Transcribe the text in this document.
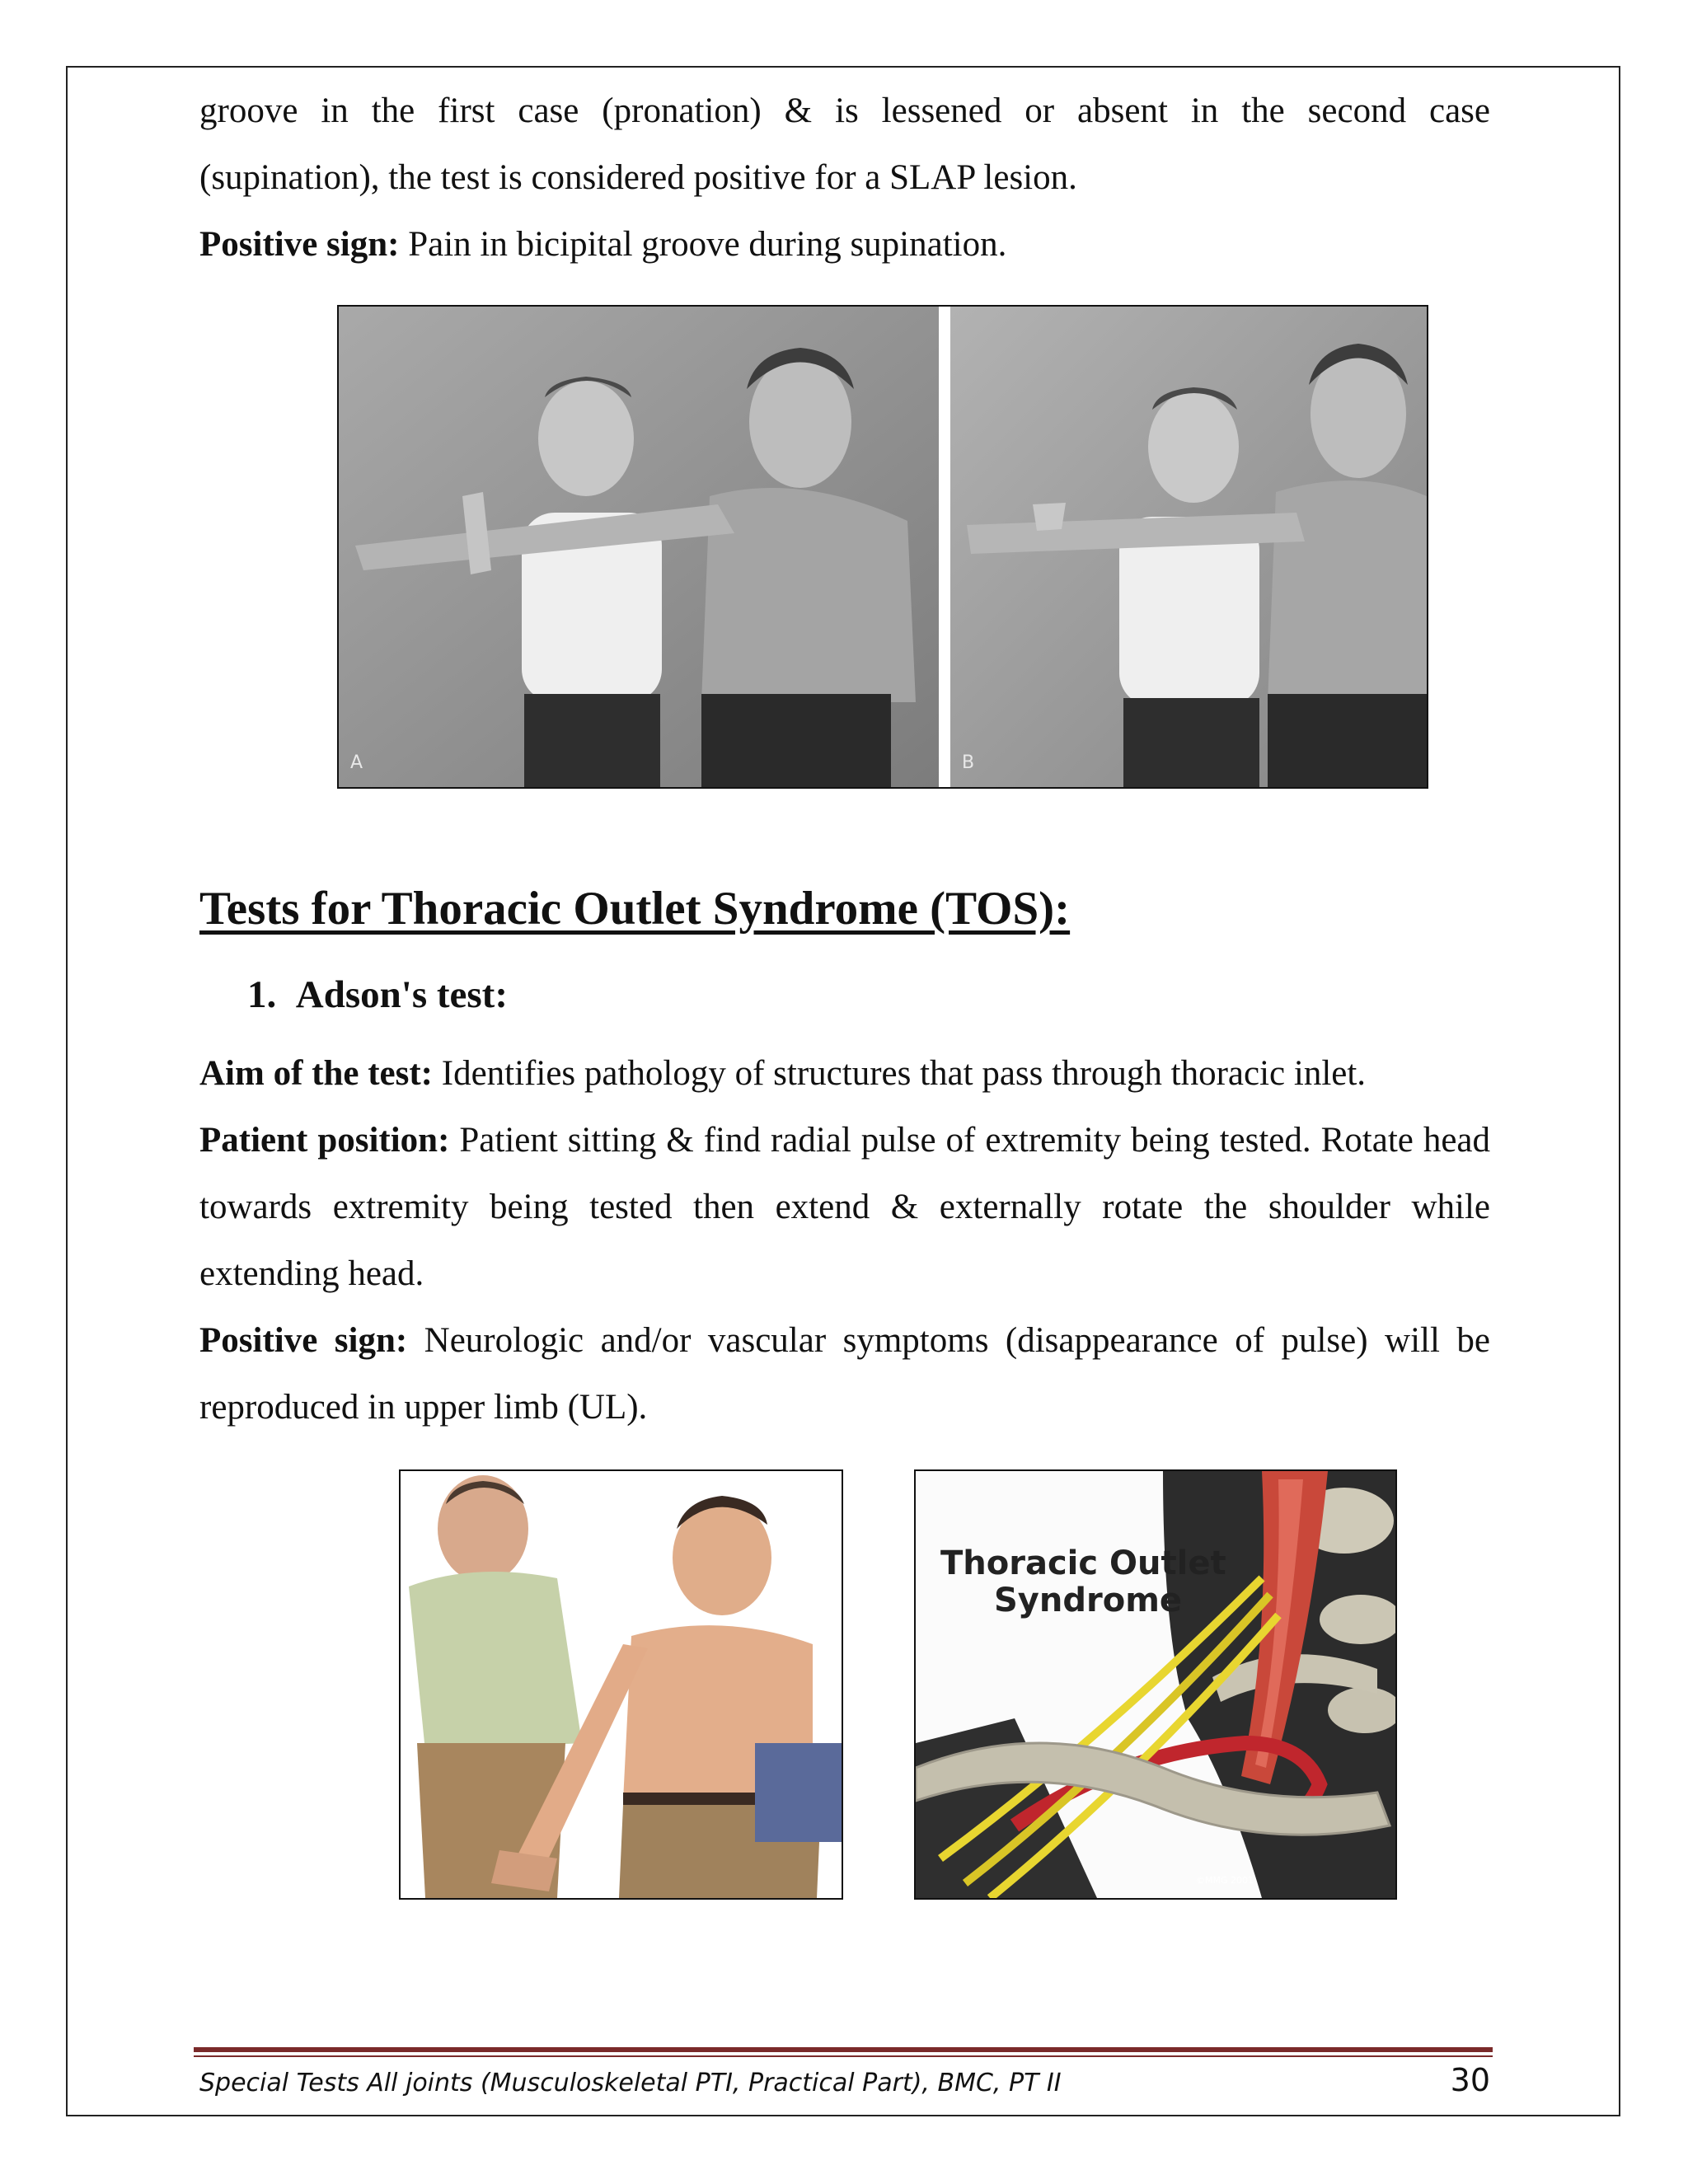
groove in the first case (pronation) & is lessened or absent in the second case
(supination), the test is considered positive for a SLAP lesion.
Positive sign: Pain in bicipital groove during supination.
A	B
Tests for Thoracic Outlet Syndrome (TOS):
1. Adson's test:
Aim of the test: Identifies pathology of structures that pass through thoracic inlet.
Patient position: Patient sitting & find radial pulse of extremity being tested. Rotate head towards extremity being tested then extend & externally rotate the shoulder while extending head.
Positive sign: Neurologic and/or vascular symptoms (disappearance of pulse) will be reproduced in upper limb (UL).
Thoracic Outlet
Syndrome
©MMG 2001
Special Tests All joints (Musculoskeletal PTI, Practical Part), BMC, PT II	30
